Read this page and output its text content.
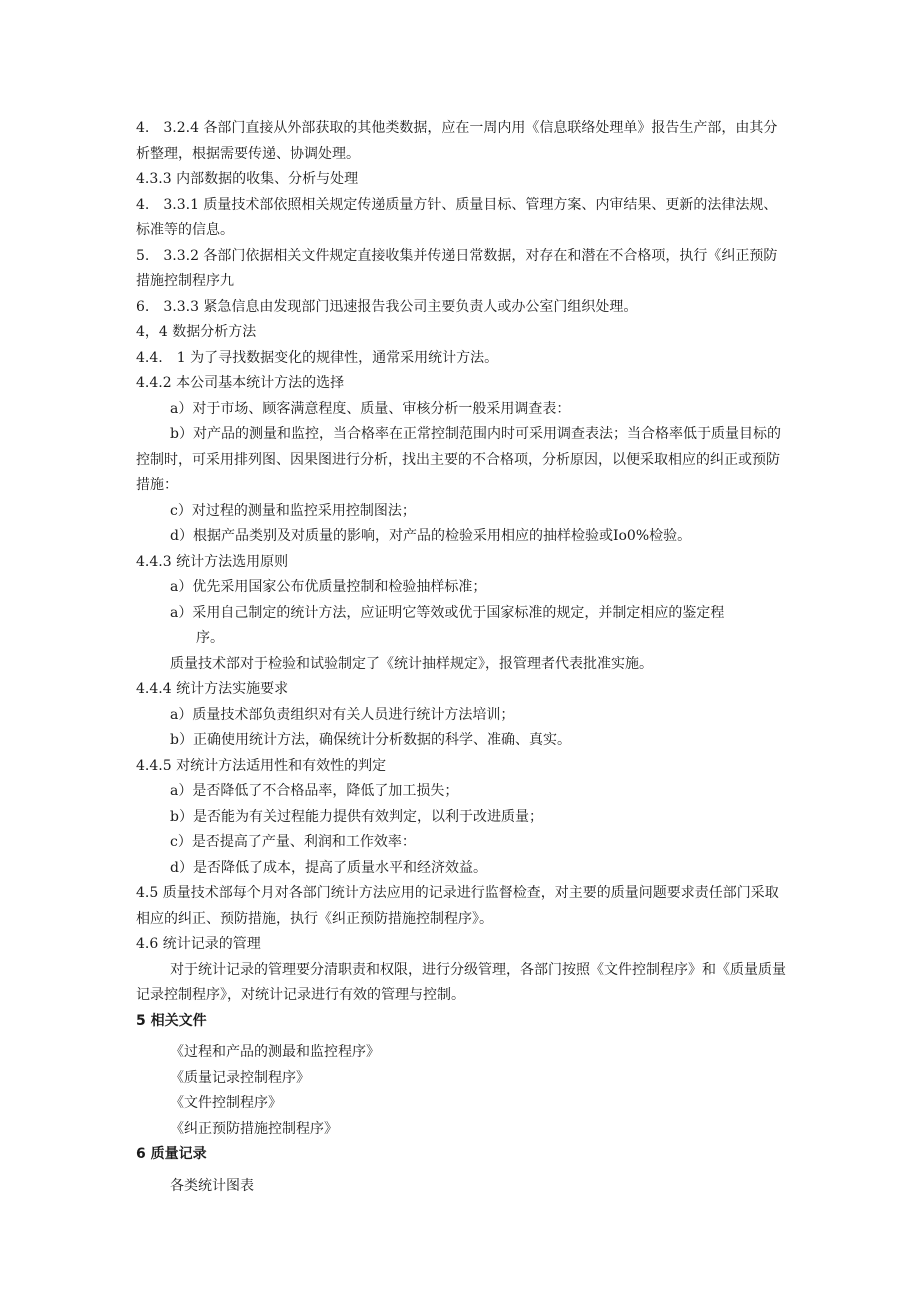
4.　3.2.4 各部门直接从外部获取的其他类数据，应在一周内用《信息联络处理单》报告生产部，由其分析整理，根据需要传递、协调处理。

4.3.3 内部数据的收集、分析与处理

4.　3.3.1 质量技术部依照相关规定传递质量方针、质量目标、管理方案、内审结果、更新的法律法规、标准等的信息。

5.　3.3.2 各部门依据相关文件规定直接收集并传递日常数据，对存在和潜在不合格项，执行《纠正预防措施控制程序九

6.　3.3.3 紧急信息由发现部门迅速报告我公司主要负责人或办公室门组织处理。

4，4 数据分析方法

4.4.　1 为了寻找数据变化的规律性，通常采用统计方法。

4.4.2 本公司基本统计方法的选择

a）对于市场、顾客满意程度、质量、审核分析一般采用调查表：

b）对产品的测量和监控，当合格率在正常控制范围内时可采用调查表法；当合格率低于质量目标的控制时，可采用排列图、因果图进行分析，找出主要的不合格项，分析原因，以便采取相应的纠正或预防措施：

c）对过程的测量和监控采用控制图法；

d）根据产品类别及对质量的影响，对产品的检验采用相应的抽样检验或Io0%检验。

4.4.3 统计方法选用原则

a）优先采用国家公布优质量控制和检验抽样标准；

a）采用自己制定的统计方法，应证明它等效或优于国家标准的规定，并制定相应的鉴定程

序。

质量技术部对于检验和试验制定了《统计抽样规定》，报管理者代表批准实施。

4.4.4 统计方法实施要求

a）质量技术部负责组织对有关人员进行统计方法培训；

b）正确使用统计方法，确保统计分析数据的科学、准确、真实。

4.4.5 对统计方法适用性和有效性的判定

a）是否降低了不合格品率，降低了加工损失；

b）是否能为有关过程能力提供有效判定，以利于改进质量；

c）是否提高了产量、利润和工作效率：

d）是否降低了成本，提高了质量水平和经济效益。

4.5 质量技术部每个月对各部门统计方法应用的记录进行监督检查，对主要的质量问题要求责任部门采取相应的纠正、预防措施，执行《纠正预防措施控制程序》。

4.6 统计记录的管理

对于统计记录的管理要分清职责和权限，进行分级管理，各部门按照《文件控制程序》和《质量质量记录控制程序》，对统计记录进行有效的管理与控制。

5 相关文件

《过程和产品的测最和监控程序》

《质量记录控制程序》

《文件控制程序》

《纠正预防措施控制程序》

6 质量记录

各类统计图表
